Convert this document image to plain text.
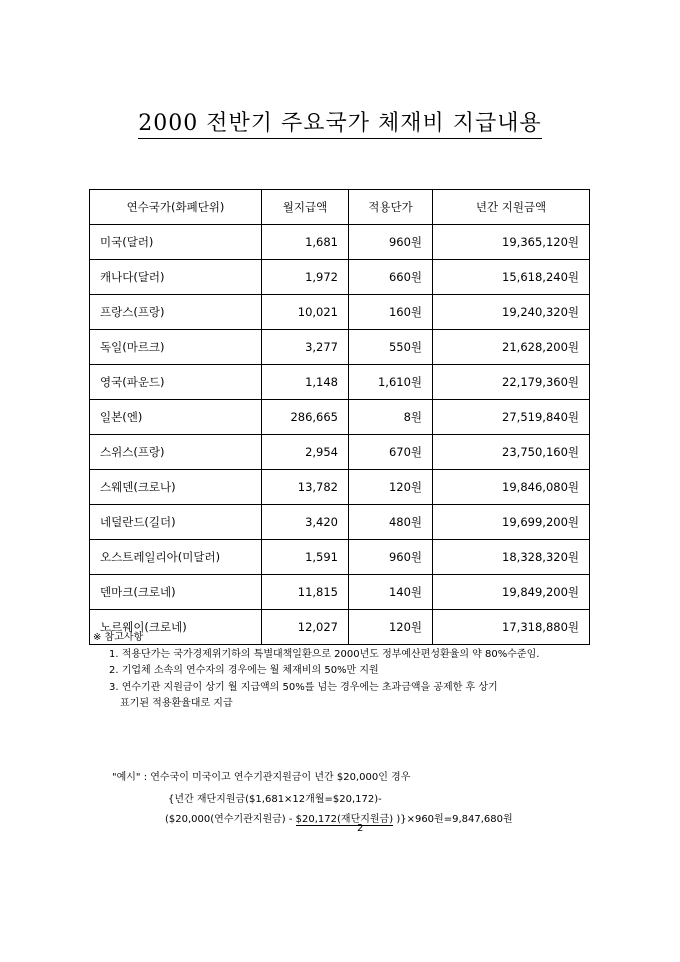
2000 전반기 주요국가 체재비 지급내용
연수국가(화폐단위)	월지급액	적용단가	년간 지원금액
미국(달러)	1,681	960원	19,365,120원
캐나다(달러)	1,972	660원	15,618,240원
프랑스(프랑)	10,021	160원	19,240,320원
독일(마르크)	3,277	550원	21,628,200원
영국(파운드)	1,148	1,610원	22,179,360원
일본(엔)	286,665	8원	27,519,840원
스위스(프랑)	2,954	670원	23,750,160원
스웨덴(크로나)	13,782	120원	19,846,080원
네덜란드(길더)	3,420	480원	19,699,200원
오스트레일리아(미달러)	1,591	960원	18,328,320원
덴마크(크로네)	11,815	140원	19,849,200원
노르웨이(크로네)	12,027	120원	17,318,880원
※ 참고사항
1. 적용단가는 국가경제위기하의 특별대책일환으로 2000년도 정부예산편성환율의 약 80%수준임.
2. 기업체 소속의 연수자의 경우에는 월 체재비의 50%만 지원
3. 연수기관 지원금이 상기 월 지급액의 50%를 넘는 경우에는 초과금액을 공제한 후 상기
표기된 적용환율대로 지급
"예시" : 연수국이 미국이고 연수기관지원금이 년간 $20,000인 경우
{년간 재단지원금($1,681×12개월=$20,172)-
($20,000(연수기관지원금) - $20,172(재단지원금) )}×960원=9,847,680원
2
